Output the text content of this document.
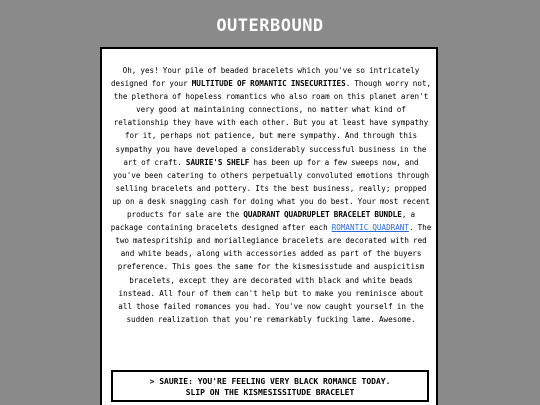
OUTERBOUND

Oh, yes! Your pile of beaded bracelets which you've so intricately designed for your MULTITUDE OF ROMANTIC INSECURITIES. Though worry not, the plethora of hopeless romantics who also roam on this planet aren't very good at maintaining connections, no matter what kind of relationship they have with each other. But you at least have sympathy for it, perhaps not patience, but mere sympathy. And through this sympathy you have developed a considerably successful business in the art of craft. SAURIE'S SHELF has been up for a few sweeps now, and you've been catering to others perpetually convoluted emotions through selling bracelets and pottery. Its the best business, really; propped up on a desk snagging cash for doing what you do best. Your most recent products for sale are the QUADRANT QUADRUPLET BRACELET BUNDLE, a package containing bracelets designed after each ROMANTIC QUADRANT. The two matespritship and moriallegiance bracelets are decorated with red and white beads, along with accessories added as part of the buyers preference. This goes the same for the kismesisstude and auspicitism bracelets, except they are decorated with black and white beads instead. All four of them can't help but to make you reminisce about all those failed romances you had. You've now caught yourself in the sudden realization that you're remarkably fucking lame. Awesome.

> SAURIE: YOU'RE FEELING VERY BLACK ROMANCE TODAY.
SLIP ON THE KISMESISSITUDE BRACELET
